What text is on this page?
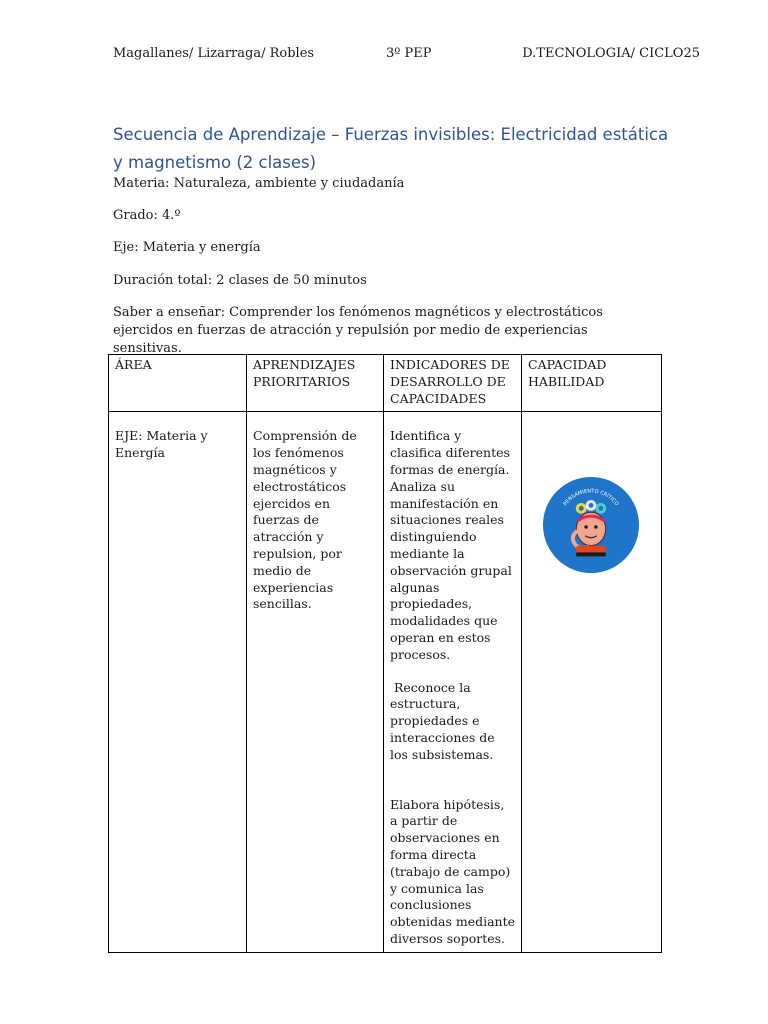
Magallanes/ Lizarraga/ Robles	3º PEP	D.TECNOLOGIA/ CICLO25
Secuencia de Aprendizaje – Fuerzas invisibles: Electricidad estática y magnetismo (2 clases)

Materia: Naturaleza, ambiente y ciudadanía

Grado: 4.º

Eje: Materia y energía

Duración total: 2 clases de 50 minutos

Saber a enseñar: Comprender los fenómenos magnéticos y electrostáticos ejercidos en fuerzas de atracción y repulsión por medio de experiencias sensitivas.

ÁREA	APRENDIZAJES PRIORITARIOS	INDICADORES DE DESARROLLO DE CAPACIDADES	CAPACIDAD HABILIDAD
EJE: Materia y Energía	Comprensión de los fenómenos magnéticos y electrostáticos ejercidos en fuerzas de atracción y repulsion, por medio de experiencias sencillas.	Identifica y clasifica diferentes formas de energía. Analiza su manifestación en situaciones reales distinguiendo mediante la observación grupal algunas propiedades, modalidades que operan en estos procesos.
Reconoce la estructura, propiedades e interacciones de los subsistemas.
Elabora hipótesis, a partir de observaciones en forma directa (trabajo de campo) y comunica las conclusiones obtenidas mediante diversos soportes.	PENSAMIENTO CRÍTICO
